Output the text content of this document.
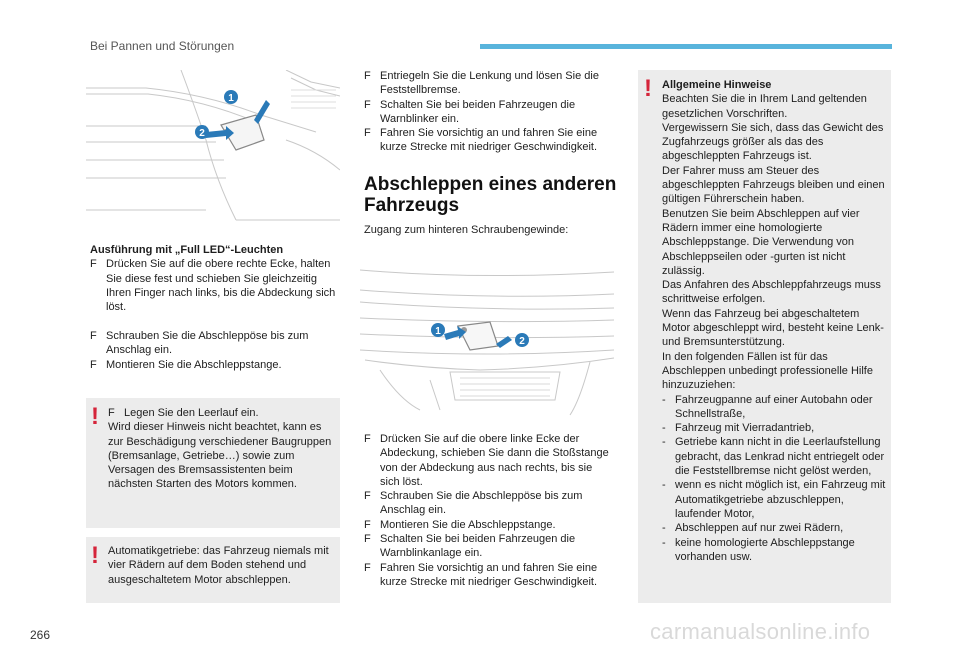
Bei Pannen und Störungen
1
2
Ausführung mit „Full LED“-Leuchten
F Drücken Sie auf die obere rechte Ecke, halten Sie diese fest und schieben Sie gleichzeitig Ihren Finger nach links, bis die Abdeckung sich löst.
F Schrauben Sie die Abschleppöse bis zum Anschlag ein.
F Montieren Sie die Abschleppstange.
! F Legen Sie den Leerlauf ein.
Wird dieser Hinweis nicht beachtet, kann es zur Beschädigung verschiedener Baugruppen (Bremsanlage, Getriebe…) sowie zum Versagen des Bremsassistenten beim nächsten Starten des Motors kommen.
! Automatikgetriebe: das Fahrzeug niemals mit vier Rädern auf dem Boden stehend und ausgeschaltetem Motor abschleppen.
F Entriegeln Sie die Lenkung und lösen Sie die Feststellbremse.
F Schalten Sie bei beiden Fahrzeugen die Warnblinker ein.
F Fahren Sie vorsichtig an und fahren Sie eine kurze Strecke mit niedriger Geschwindigkeit.
Abschleppen eines anderen
Fahrzeugs
Zugang zum hinteren Schraubengewinde:
1
2
F Drücken Sie auf die obere linke Ecke der Abdeckung, schieben Sie dann die Stoßstange von der Abdeckung aus nach rechts, bis sie sich löst.
F Schrauben Sie die Abschleppöse bis zum Anschlag ein.
F Montieren Sie die Abschleppstange.
F Schalten Sie bei beiden Fahrzeugen die Warnblinkanlage ein.
F Fahren Sie vorsichtig an und fahren Sie eine kurze Strecke mit niedriger Geschwindigkeit.
! Allgemeine Hinweise
Beachten Sie die in Ihrem Land geltenden gesetzlichen Vorschriften.
Vergewissern Sie sich, dass das Gewicht des Zugfahrzeugs größer als das des abgeschleppten Fahrzeugs ist.
Der Fahrer muss am Steuer des abgeschleppten Fahrzeugs bleiben und einen gültigen Führerschein haben.
Benutzen Sie beim Abschleppen auf vier Rädern immer eine homologierte Abschleppstange. Die Verwendung von Abschleppseilen oder -gurten ist nicht zulässig.
Das Anfahren des Abschleppfahrzeugs muss schrittweise erfolgen.
Wenn das Fahrzeug bei abgeschaltetem Motor abgeschleppt wird, besteht keine Lenk- und Bremsunterstützung.
In den folgenden Fällen ist für das Abschleppen unbedingt professionelle Hilfe hinzuzuziehen:
- Fahrzeugpanne auf einer Autobahn oder Schnellstraße,
- Fahrzeug mit Vierradantrieb,
- Getriebe kann nicht in die Leerlaufstellung gebracht, das Lenkrad nicht entriegelt oder die Feststellbremse nicht gelöst werden,
- wenn es nicht möglich ist, ein Fahrzeug mit Automatikgetriebe abzuschleppen, laufender Motor,
- Abschleppen auf nur zwei Rädern,
- keine homologierte Abschleppstange vorhanden usw.
266	carmanualsonline.info
